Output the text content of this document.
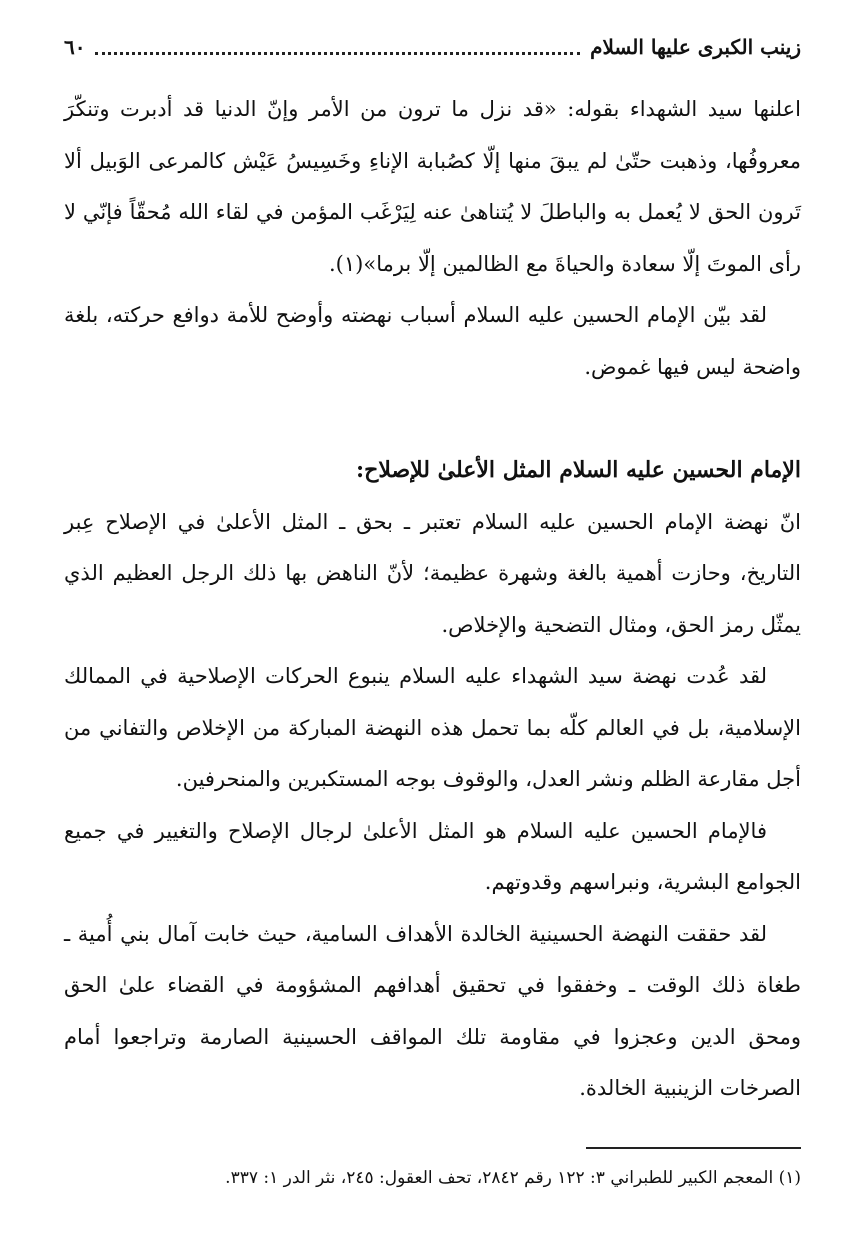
زينب الكبرى عليها السلام
٦٠

اعلنها سيد الشهداء بقوله: «قد نزل ما ترون من الأمر وإنّ الدنيا قد أدبرت وتنكّرَ معروفُها، وذهبت حتّىٰ لم يبقَ منها إلّا كصُبابة الإناءِ وخَسِيسُ عَيْش كالمرعى الوَبيل ألا تَرون الحق لا يُعمل به والباطلَ لا يُتناهىٰ عنه لِيَرْغَب المؤمن في لقاء الله مُحقّاً فإنّي لا رأى الموتَ إلّا سعادة والحياةَ مع الظالمين إلّا برما»(١).

لقد بيّن الإمام الحسين عليه السلام أسباب نهضته وأوضح للأمة دوافع حركته، بلغة واضحة ليس فيها غموض.

الإمام الحسين عليه السلام المثل الأعلىٰ للإصلاح:

انّ نهضة الإمام الحسين عليه السلام تعتبر ـ بحق ـ المثل الأعلىٰ في الإصلاح عِبر التاريخ، وحازت أهمية بالغة وشهرة عظيمة؛ لأنّ الناهض بها ذلك الرجل العظيم الذي يمثّل رمز الحق، ومثال التضحية والإخلاص.

لقد عُدت نهضة سيد الشهداء عليه السلام ينبوع الحركات الإصلاحية في الممالك الإسلامية، بل في العالم كلّه بما تحمل هذه النهضة المباركة من الإخلاص والتفاني من أجل مقارعة الظلم ونشر العدل، والوقوف بوجه المستكبرين والمنحرفين.

فالإمام الحسين عليه السلام هو المثل الأعلىٰ لرجال الإصلاح والتغيير في جميع الجوامع البشرية، ونبراسهم وقدوتهم.

لقد حققت النهضة الحسينية الخالدة الأهداف السامية، حيث خابت آمال بني أُمية ـ طغاة ذلك الوقت ـ وخفقوا في تحقيق أهدافهم المشؤومة في القضاء علىٰ الحق ومحق الدين وعجزوا في مقاومة تلك المواقف الحسينية الصارمة وتراجعوا أمام الصرخات الزينبية الخالدة.

(١) المعجم الكبير للطبراني ٣: ١٢٢ رقم ٢٨٤٢، تحف العقول: ٢٤٥، نثر الدر ١: ٣٣٧.
